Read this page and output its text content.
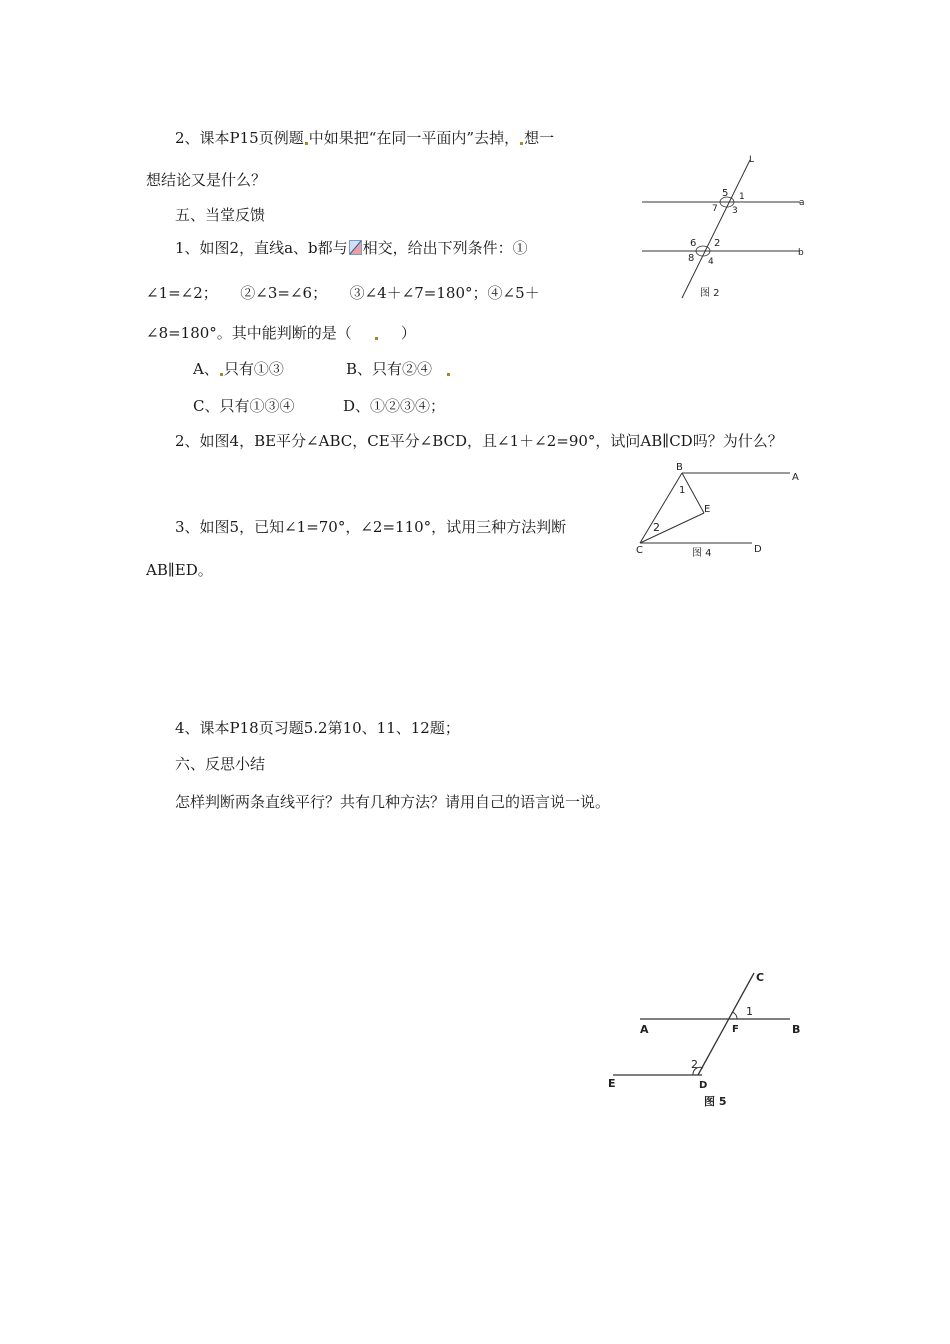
2、课本P15页例题 中如果把“在同一平面内”去掉， 想一
想结论又是什么？
五、当堂反馈
1、如图2，直线a、b都与 相交，给出下列条件：①
∠1=∠2；　　②∠3=∠6；　　③∠4＋∠7=180°；④∠5＋
∠8=180°。其中能判断的是（	）
A、 只有①③	B、只有②④
C、只有①③④	D、①②③④；
2、如图4，BE平分∠ABC，CE平分∠BCD，且∠1＋∠2=90°，试问AB∥CD吗？为什么？
3、如图5，已知∠1=70°，∠2=110°，试用三种方法判断
AB∥ED。
4、课本P18页习题5.2第10、11、12题；
六、反思小结
怎样判断两条直线平行？共有几种方法？请用自己的语言说一说。
L
a
b
5 1
7 3
6 2
8 4
图 2
B
A
E
C	D
1
2
图 4
C
A	F	B
E	D
1
2
图 5
